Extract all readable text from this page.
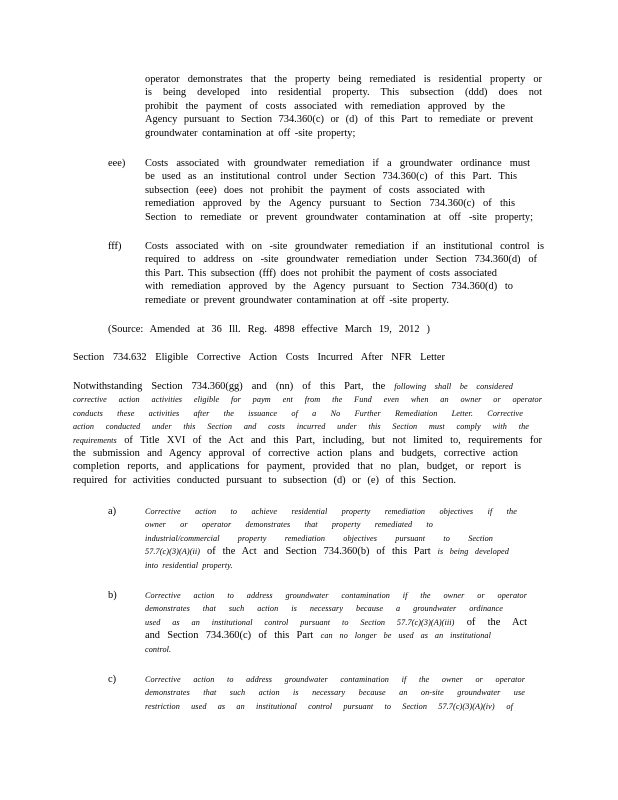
operator demonstrates that the property being remediated is residential property or

is being developed into residential property. This subsection (ddd) does not

prohibit the payment of costs associated with remediation approved by the

Agency pursuant to Section 734.360(c) or (d) of this Part to remediate or prevent

groundwater contamination at off -site property;

eee) Costs associated with groundwater remediation if a groundwater ordinance must

be used as an institutional control under Section 734.360(c) of this Part. This

subsection (eee) does not prohibit the payment of costs associated with

remediation approved by the Agency pursuant to Section 734.360(c) of this

Section to remediate or prevent groundwater contamination at off -site property;

fff) Costs associated with on -site groundwater remediation if an institutional control is

required to address on -site groundwater remediation under Section 734.360(d) of

this Part. This subsection (fff) does not prohibit the payment of costs associated

with remediation approved by the Agency pursuant to Section 734.360(d) to

remediate or prevent groundwater contamination at off -site property.

(Source: Amended at 36 Ill. Reg. 4898 effective March 19, 2012 )

Section 734.632 Eligible Corrective Action Costs Incurred After NFR Letter

Notwithstanding Section 734.360(gg) and (nn) of this Part, the following shall be considered

corrective action activities eligible for paym ent from the Fund even when an owner or operator

conducts these activities after the issuance of a No Further Remediation Letter. Corrective

action conducted under this Section and costs incurred under this Section must comply with the

requirements of Title XVI of the Act and this Part, including, but not limited to, requirements for

the submission and Agency approval of corrective action plans and budgets, corrective action

completion reports, and applications for payment, provided that no plan, budget, or report is

required for activities conducted pursuant to subsection (d) or (e) of this Section.

a)	Corrective action to achieve residential property remediation objectives if the

owner or operator demonstrates that property remediated to

industrial/commercial property remediation objectives pursuant to Section

57.7(c)(3)(A)(ii) of the Act and Section 734.360(b) of this Part is being developed

into residential property.

b)	Corrective action to address groundwater contamination if the owner or operator

demonstrates that such action is necessary because a groundwater ordinance

used as an institutional control pursuant to Section 57.7(c)(3)(A)(iii) of the Act

and Section 734.360(c) of this Part can no longer be used as an institutional

control.

c)	Corrective action to address groundwater contamination if the owner or operator

demonstrates that such action is necessary because an on-site groundwater use

restriction used as an institutional control pursuant to Section 57.7(c)(3)(A)(iv) of
